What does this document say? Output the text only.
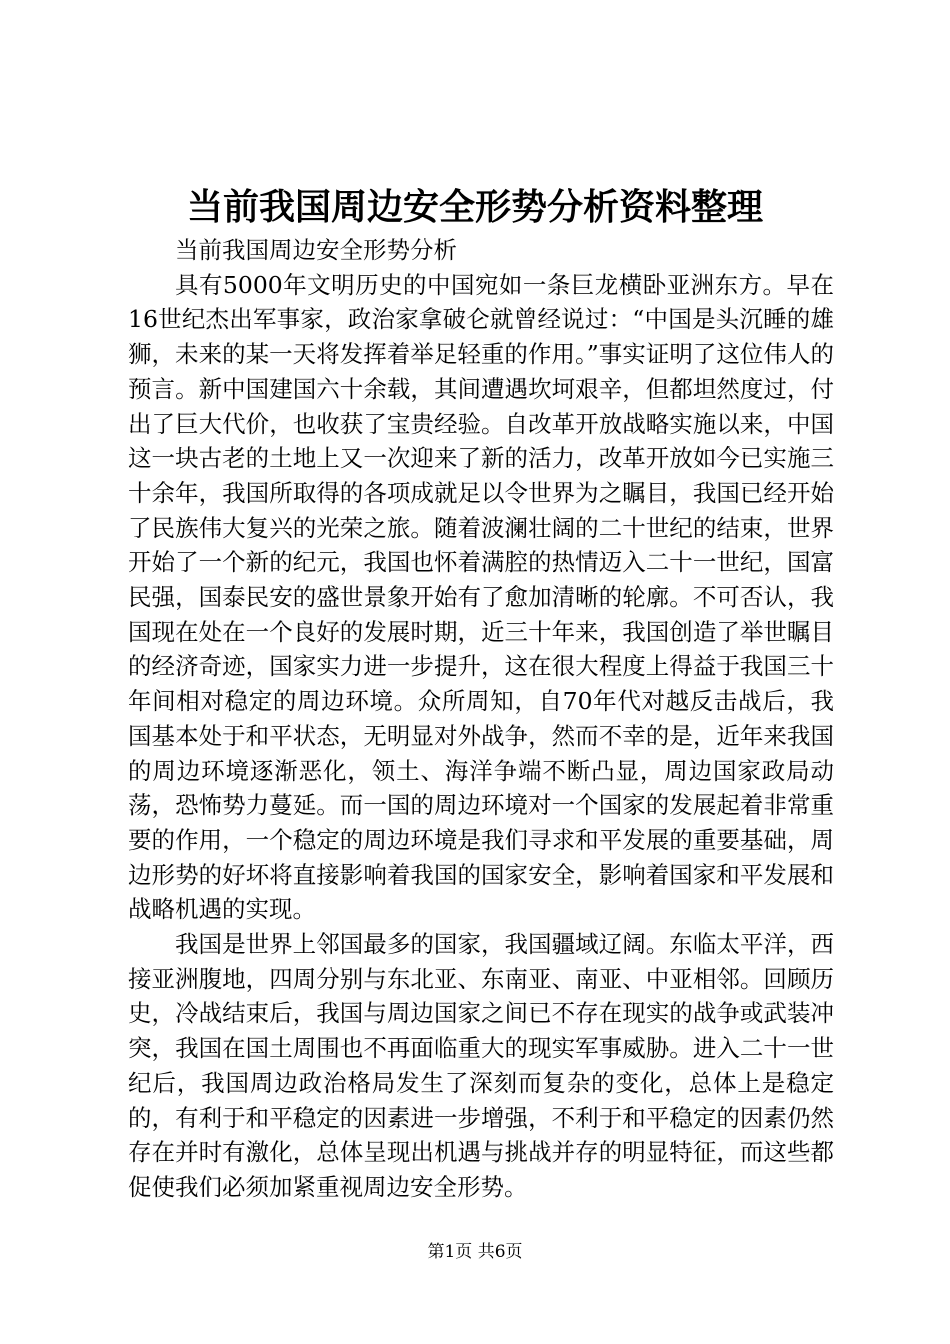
当前我国周边安全形势分析资料整理

当前我国周边安全形势分析

具有5000年文明历史的中国宛如一条巨龙横卧亚洲东方。早在16世纪杰出军事家，政治家拿破仑就曾经说过：“中国是头沉睡的雄狮，未来的某一天将发挥着举足轻重的作用。”事实证明了这位伟人的预言。新中国建国六十余载，其间遭遇坎坷艰辛，但都坦然度过，付出了巨大代价，也收获了宝贵经验。自改革开放战略实施以来，中国这一块古老的土地上又一次迎来了新的活力，改革开放如今已实施三十余年，我国所取得的各项成就足以令世界为之瞩目，我国已经开始了民族伟大复兴的光荣之旅。随着波澜壮阔的二十世纪的结束，世界开始了一个新的纪元，我国也怀着满腔的热情迈入二十一世纪，国富民强，国泰民安的盛世景象开始有了愈加清晰的轮廓。不可否认，我国现在处在一个良好的发展时期，近三十年来，我国创造了举世瞩目的经济奇迹，国家实力进一步提升，这在很大程度上得益于我国三十年间相对稳定的周边环境。众所周知，自70年代对越反击战后，我国基本处于和平状态，无明显对外战争，然而不幸的是，近年来我国的周边环境逐渐恶化，领土、海洋争端不断凸显，周边国家政局动荡，恐怖势力蔓延。而一国的周边环境对一个国家的发展起着非常重要的作用，一个稳定的周边环境是我们寻求和平发展的重要基础，周边形势的好坏将直接影响着我国的国家安全，影响着国家和平发展和战略机遇的实现。

我国是世界上邻国最多的国家，我国疆域辽阔。东临太平洋，西接亚洲腹地，四周分别与东北亚、东南亚、南亚、中亚相邻。回顾历史，冷战结束后，我国与周边国家之间已不存在现实的战争或武装冲突，我国在国土周围也不再面临重大的现实军事威胁。进入二十一世纪后，我国周边政治格局发生了深刻而复杂的变化，总体上是稳定的，有利于和平稳定的因素进一步增强，不利于和平稳定的因素仍然存在并时有激化，总体呈现出机遇与挑战并存的明显特征，而这些都促使我们必须加紧重视周边安全形势。

第1页 共6页
